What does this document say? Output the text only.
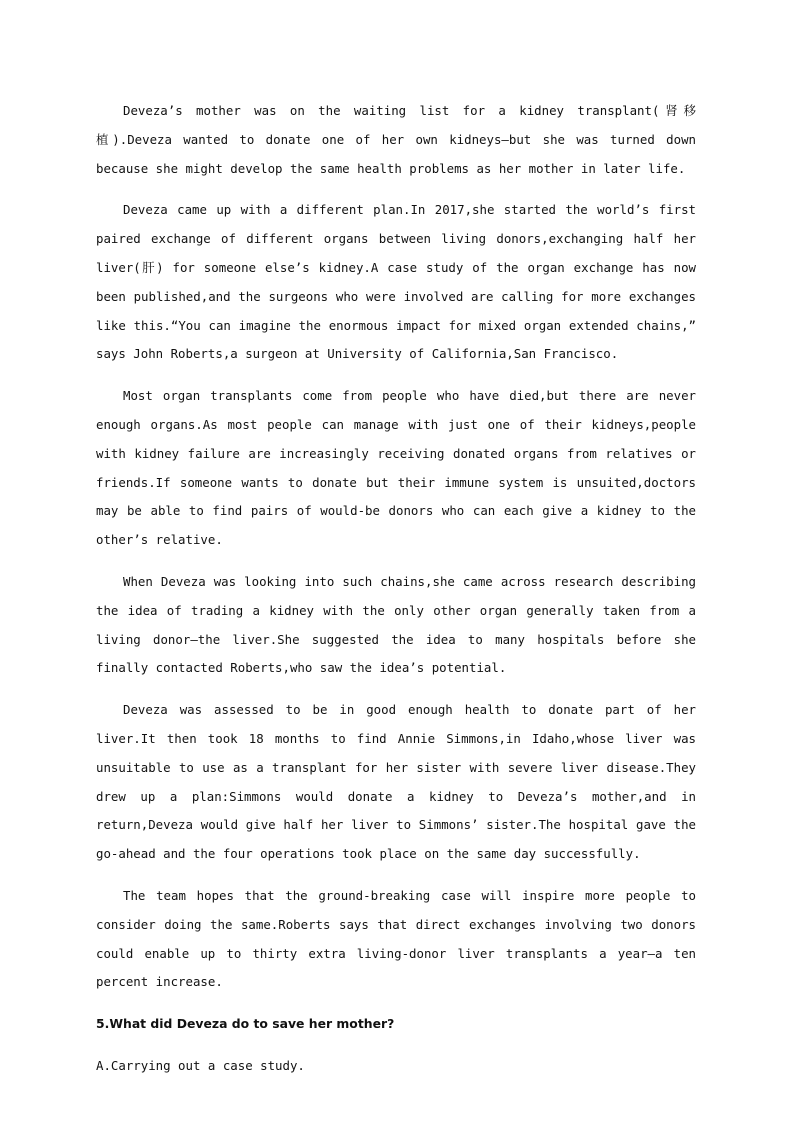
Deveza’s mother was on the waiting list for a kidney transplant(肾移植).Deveza wanted to donate one of her own kidneys—but she was turned down because she might develop the same health problems as her mother in later life.

Deveza came up with a different plan.In 2017,she started the world’s first paired exchange of different organs between living donors,exchanging half her liver(肝) for someone else’s kidney.A case study of the organ exchange has now been published,and the surgeons who were involved are calling for more exchanges like this.“You can imagine the enormous impact for mixed organ extended chains,” says John Roberts,a surgeon at University of California,San Francisco.

Most organ transplants come from people who have died,but there are never enough organs.As most people can manage with just one of their kidneys,people with kidney failure are increasingly receiving donated organs from relatives or friends.If someone wants to donate but their immune system is unsuited,doctors may be able to find pairs of would-be donors who can each give a kidney to the other’s relative.

When Deveza was looking into such chains,she came across research describing the idea of trading a kidney with the only other organ generally taken from a living donor—the liver.She suggested the idea to many hospitals before she finally contacted Roberts,who saw the idea’s potential.

Deveza was assessed to be in good enough health to donate part of her liver.It then took 18 months to find Annie Simmons,in Idaho,whose liver was unsuitable to use as a transplant for her sister with severe liver disease.They drew up a plan:Simmons would donate a kidney to Deveza’s mother,and in return,Deveza would give half her liver to Simmons’ sister.The hospital gave the go-ahead and the four operations took place on the same day successfully.

The team hopes that the ground-breaking case will inspire more people to consider doing the same.Roberts says that direct exchanges involving two donors could enable up to thirty extra living-donor liver transplants a year—a ten percent increase.

5.What did Deveza do to save her mother?

A.Carrying out a case study.
